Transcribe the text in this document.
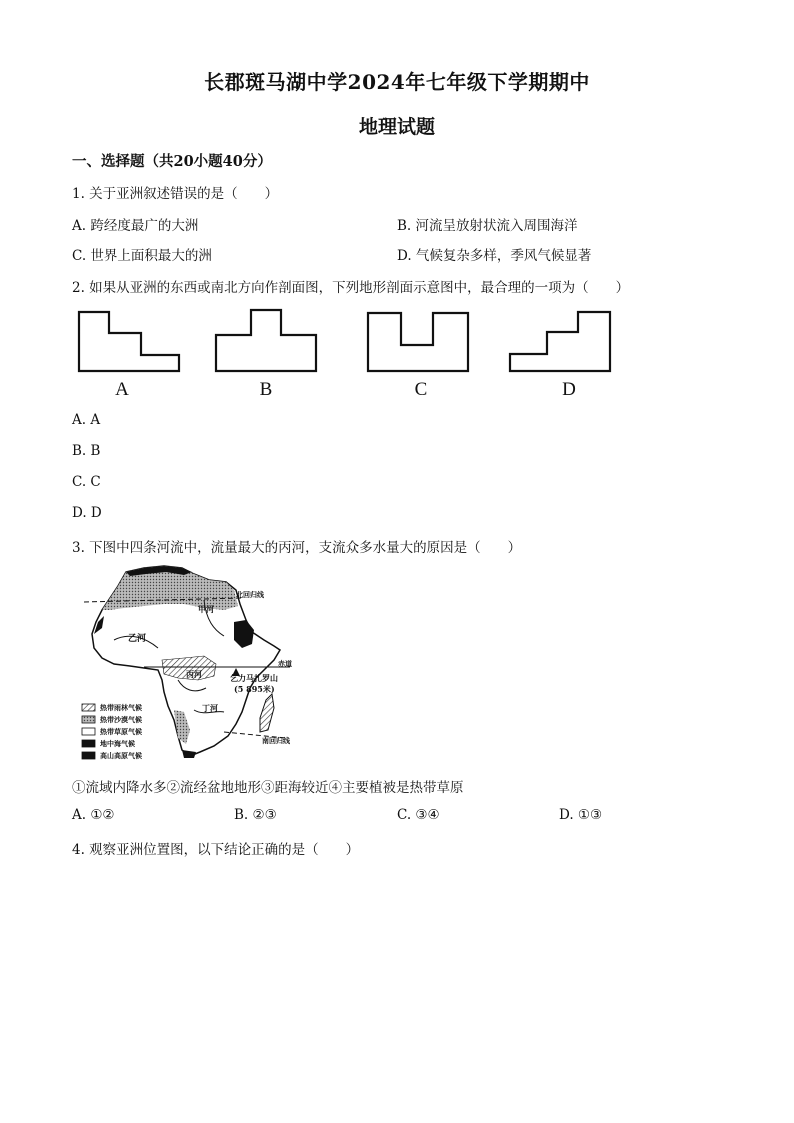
长郡斑马湖中学2024年七年级下学期期中
地理试题
一、选择题（共20小题40分）
1. 关于亚洲叙述错误的是（　　）
A. 跨经度最广的大洲	B. 河流呈放射状流入周围海洋
C. 世界上面积最大的洲	D. 气候复杂多样，季风气候显著
2. 如果从亚洲的东西或南北方向作剖面图，下列地形剖面示意图中，最合理的一项为（　　）
A	B	C	D
A. A
B. B
C. C
D. D
3. 下图中四条河流中，流量最大的丙河，支流众多水量大的原因是（　　）
北回归线
甲河
乙河
赤道
丙河	乞力马扎罗山
(5 895米)
丁河
南回归线
热带雨林气候
热带沙漠气候
热带草原气候
地中海气候
高山高原气候
①流域内降水多②流经盆地地形③距海较近④主要植被是热带草原
A. ①②	B. ②③	C. ③④	D. ①③
4. 观察亚洲位置图，以下结论正确的是（　　）
